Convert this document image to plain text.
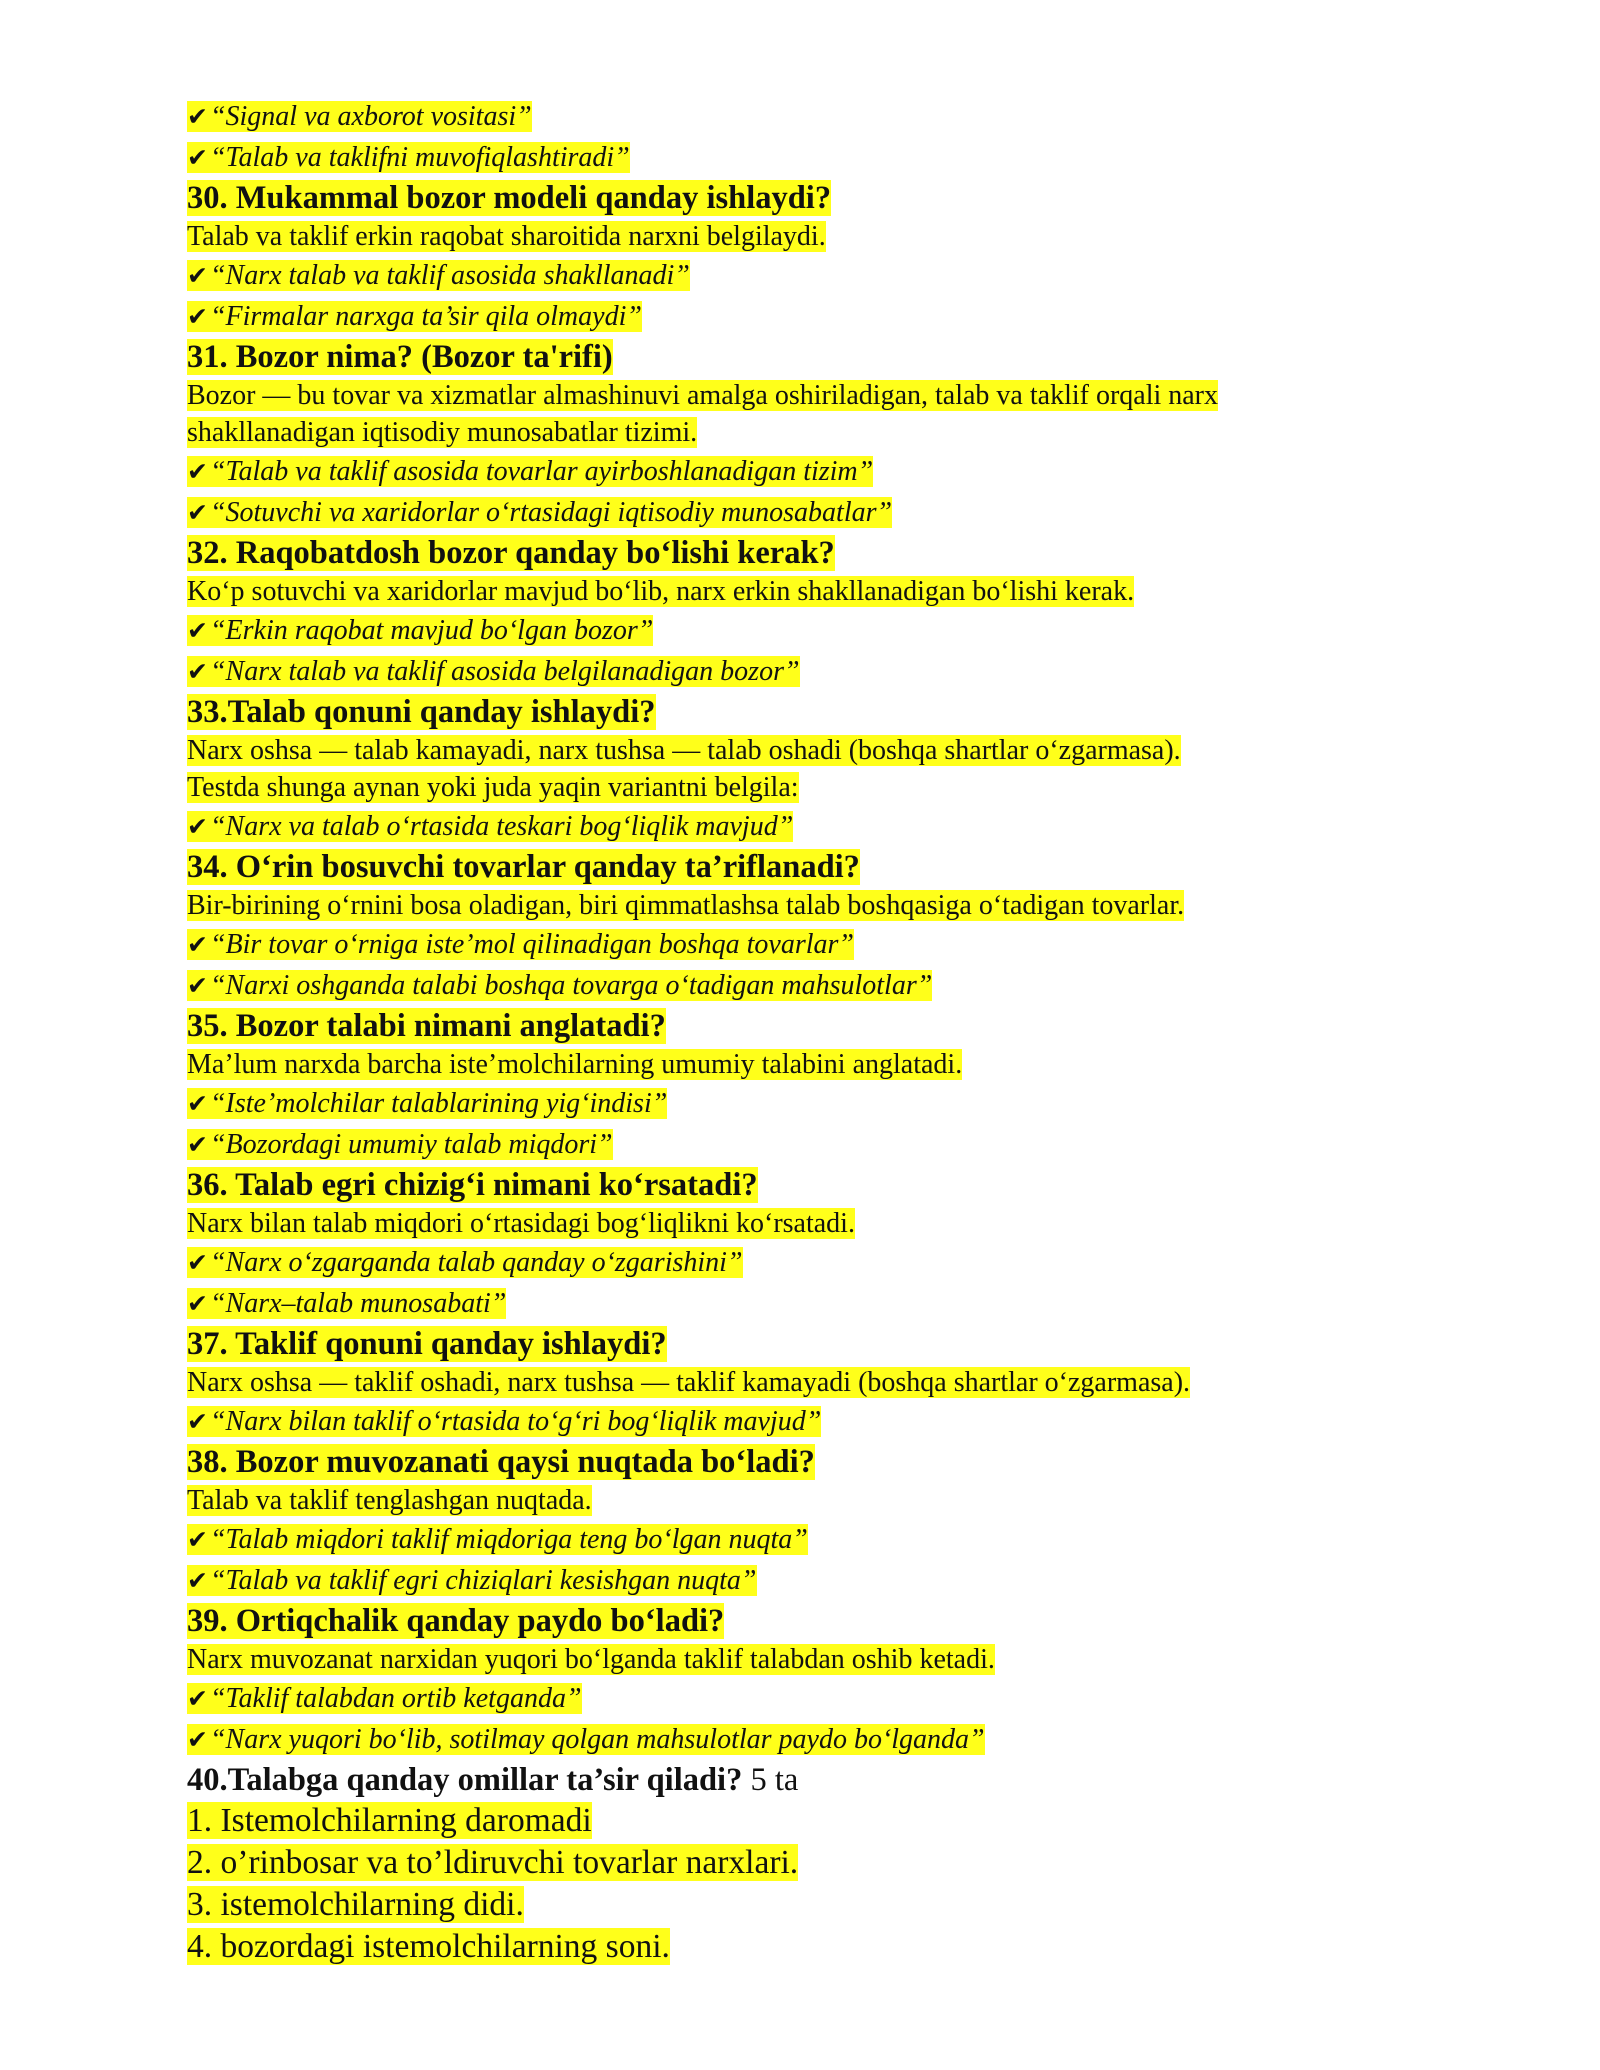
✔“Signal va axborot vositasi”
✔“Talab va taklifni muvofiqlashtiradi”
30. Mukammal bozor modeli qanday ishlaydi?
Talab va taklif erkin raqobat sharoitida narxni belgilaydi.
✔“Narx talab va taklif asosida shakllanadi”
✔“Firmalar narxga ta’sir qila olmaydi”
31. Bozor nima? (Bozor ta'rifi)
Bozor — bu tovar va xizmatlar almashinuvi amalga oshiriladigan, talab va taklif orqali narx
shakllanadigan iqtisodiy munosabatlar tizimi.
✔“Talab va taklif asosida tovarlar ayirboshlanadigan tizim”
✔“Sotuvchi va xaridorlar o‘rtasidagi iqtisodiy munosabatlar”
32. Raqobatdosh bozor qanday bo‘lishi kerak?
Ko‘p sotuvchi va xaridorlar mavjud bo‘lib, narx erkin shakllanadigan bo‘lishi kerak.
✔“Erkin raqobat mavjud bo‘lgan bozor”
✔“Narx talab va taklif asosida belgilanadigan bozor”
33.Talab qonuni qanday ishlaydi?
Narx oshsa — talab kamayadi, narx tushsa — talab oshadi (boshqa shartlar o‘zgarmasa).
Testda shunga aynan yoki juda yaqin variantni belgila:
✔“Narx va talab o‘rtasida teskari bog‘liqlik mavjud”
34. O‘rin bosuvchi tovarlar qanday ta’riflanadi?
Bir-birining o‘rnini bosa oladigan, biri qimmatlashsa talab boshqasiga o‘tadigan tovarlar.
✔“Bir tovar o‘rniga iste’mol qilinadigan boshqa tovarlar”
✔“Narxi oshganda talabi boshqa tovarga o‘tadigan mahsulotlar”
35. Bozor talabi nimani anglatadi?
Ma’lum narxda barcha iste’molchilarning umumiy talabini anglatadi.
✔“Iste’molchilar talablarining yig‘indisi”
✔“Bozordagi umumiy talab miqdori”
36. Talab egri chizig‘i nimani ko‘rsatadi?
Narx bilan talab miqdori o‘rtasidagi bog‘liqlikni ko‘rsatadi.
✔“Narx o‘zgarganda talab qanday o‘zgarishini”
✔“Narx–talab munosabati”
37. Taklif qonuni qanday ishlaydi?
Narx oshsa — taklif oshadi, narx tushsa — taklif kamayadi (boshqa shartlar o‘zgarmasa).
✔“Narx bilan taklif o‘rtasida to‘g‘ri bog‘liqlik mavjud”
38. Bozor muvozanati qaysi nuqtada bo‘ladi?
Talab va taklif tenglashgan nuqtada.
✔“Talab miqdori taklif miqdoriga teng bo‘lgan nuqta”
✔“Talab va taklif egri chiziqlari kesishgan nuqta”
39. Ortiqchalik qanday paydo bo‘ladi?
Narx muvozanat narxidan yuqori bo‘lganda taklif talabdan oshib ketadi.
✔“Taklif talabdan ortib ketganda”
✔“Narx yuqori bo‘lib, sotilmay qolgan mahsulotlar paydo bo‘lganda”
40.Talabga qanday omillar ta’sir qiladi? 5 ta
1. Istemolchilarning daromadi
2. o’rinbosar va to’ldiruvchi tovarlar narxlari.
3. istemolchilarning didi.
4. bozordagi istemolchilarning soni.
